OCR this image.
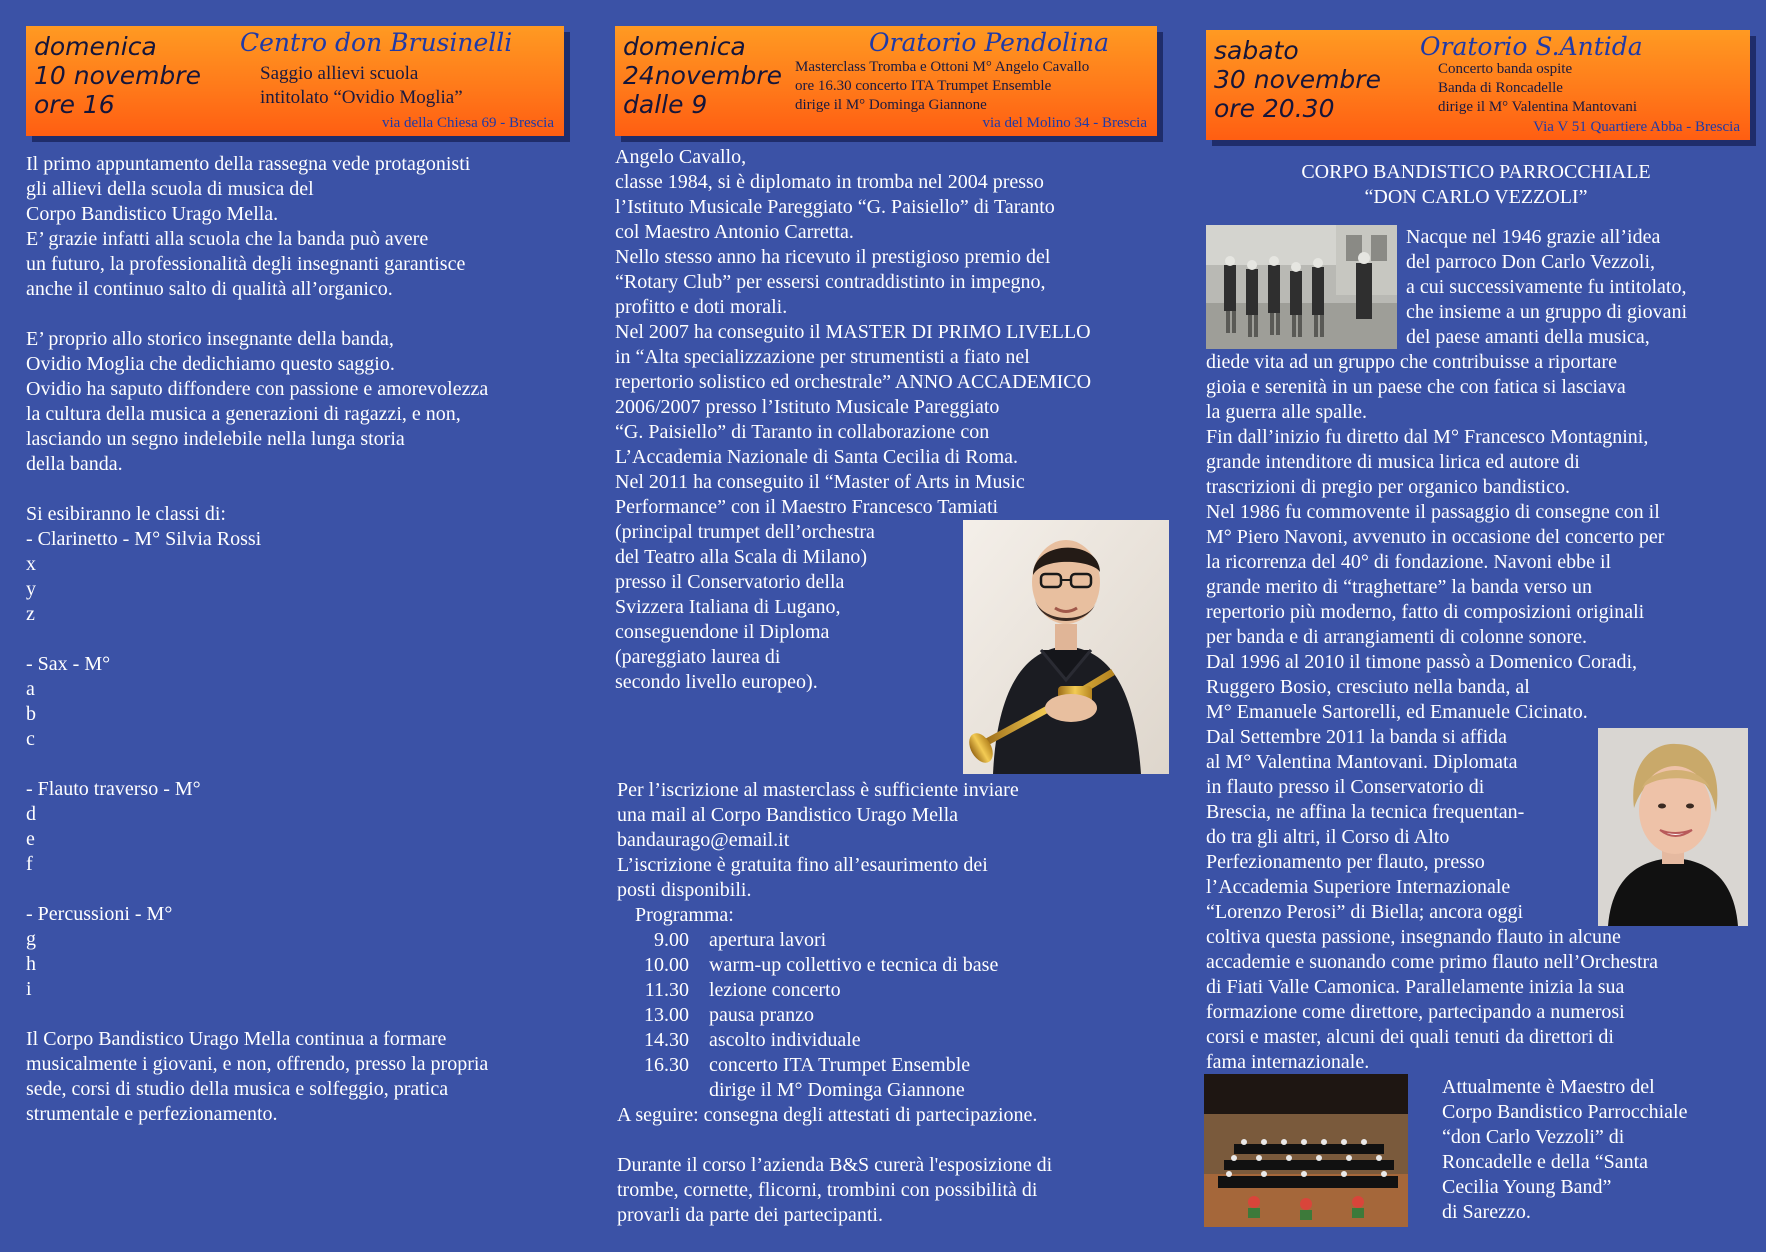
domenica
10 novembre
ore 16
Centro don Brusinelli
Saggio allievi scuola
intitolato “Ovidio Moglia”
via della Chiesa 69 - Brescia

Il primo appuntamento della rassegna vede protagonisti
gli allievi della scuola di musica del
Corpo Bandistico Urago Mella.
E’ grazie infatti alla scuola che la banda può avere
un futuro, la professionalità degli insegnanti garantisce
anche il continuo salto di qualità all’organico.

E’ proprio allo storico insegnante della banda,
Ovidio Moglia che dedichiamo questo saggio.
Ovidio ha saputo diffondere con passione e amorevolezza
la cultura della musica a generazioni di ragazzi, e non,
lasciando un segno indelebile nella lunga storia
della banda.

Si esibiranno le classi di:
- Clarinetto - M° Silvia Rossi
x
y
z

- Sax - M°
a
b
c

- Flauto traverso - M°
d
e
f

- Percussioni - M°
g
h
i

Il Corpo Bandistico Urago Mella continua a formare
musicalmente i giovani, e non, offrendo, presso la propria
sede, corsi di studio della musica e solfeggio, pratica
strumentale e perfezionamento.

domenica
24novembre
dalle 9
Oratorio Pendolina
Masterclass Tromba e Ottoni M° Angelo Cavallo
ore 16.30 concerto ITA Trumpet Ensemble
dirige il M° Dominga Giannone
via del Molino 34 - Brescia

Angelo Cavallo,
classe 1984, si è diplomato in tromba nel 2004 presso
l’Istituto Musicale Pareggiato “G. Paisiello” di Taranto
col Maestro Antonio Carretta.
Nello stesso anno ha ricevuto il prestigioso premio del
“Rotary Club” per essersi contraddistinto in impegno,
profitto e doti morali.
Nel 2007 ha conseguito il MASTER DI PRIMO LIVELLO
in “Alta specializzazione per strumentisti a fiato nel
repertorio solistico ed orchestrale” ANNO ACCADEMICO
2006/2007 presso l’Istituto Musicale Pareggiato
“G. Paisiello” di Taranto in collaborazione con
L’Accademia Nazionale di Santa Cecilia di Roma.
Nel 2011 ha conseguito il “Master of Arts in Music
Performance” con il Maestro Francesco Tamiati

(principal trumpet dell’orchestra
del Teatro alla Scala di Milano)
presso il Conservatorio della
Svizzera Italiana di Lugano,
conseguendone il Diploma
(pareggiato laurea di
secondo livello europeo).

Per l’iscrizione al masterclass è sufficiente inviare
una mail al Corpo Bandistico Urago Mella
bandaurago@email.it
L’iscrizione è gratuita fino all’esaurimento dei
posti disponibili.

Programma:
9.00	apertura lavori
10.00	warm-up collettivo e tecnica di base
11.30	lezione concerto
13.00	pausa pranzo
14.30	ascolto individuale
16.30	concerto ITA Trumpet Ensemble
dirige il M° Dominga Giannone

A seguire: consegna degli attestati di partecipazione.

Durante il corso l’azienda B&S curerà l'esposizione di
trombe, cornette, flicorni, trombini con possibilità di
provarli da parte dei partecipanti.

sabato
30 novembre
ore 20.30
Oratorio S.Antida
Concerto banda ospite
Banda di Roncadelle
dirige il M° Valentina Mantovani
Via V 51 Quartiere Abba - Brescia
CORPO BANDISTICO PARROCCHIALE
“DON CARLO VEZZOLI”

Nacque nel 1946 grazie all’idea
del parroco Don Carlo Vezzoli,
a cui successivamente fu intitolato,
che insieme a un gruppo di giovani
del paese amanti della musica,

diede vita ad un gruppo che contribuisse a riportare
gioia e serenità in un paese che con fatica si lasciava
la guerra alle spalle.
Fin dall’inizio fu diretto dal M° Francesco Montagnini,
grande intenditore di musica lirica ed autore di
trascrizioni di pregio per organico bandistico.
Nel 1986 fu commovente il passaggio di consegne con il
M° Piero Navoni, avvenuto in occasione del concerto per
la ricorrenza del 40° di fondazione. Navoni ebbe il
grande merito di “traghettare” la banda verso un
repertorio più moderno, fatto di composizioni originali
per banda e di arrangiamenti di colonne sonore.
Dal 1996 al 2010 il timone passò a Domenico Coradi,
Ruggero Bosio, cresciuto nella banda, al
M° Emanuele Sartorelli, ed Emanuele Cicinato.

Dal Settembre 2011 la banda si affida
al M° Valentina Mantovani. Diplomata
in flauto presso il Conservatorio di
Brescia, ne affina la tecnica frequentan-
do tra gli altri, il Corso di Alto
Perfezionamento per flauto, presso
l’Accademia Superiore Internazionale
“Lorenzo Perosi” di Biella; ancora oggi

coltiva questa passione, insegnando flauto in alcune
accademie e suonando come primo flauto nell’Orchestra
di Fiati Valle Camonica. Parallelamente inizia la sua
formazione come direttore, partecipando a numerosi
corsi e master, alcuni dei quali tenuti da direttori di
fama internazionale.

Attualmente è Maestro del
Corpo Bandistico Parrocchiale
“don Carlo Vezzoli” di
Roncadelle e della “Santa
Cecilia Young Band”
di Sarezzo.
